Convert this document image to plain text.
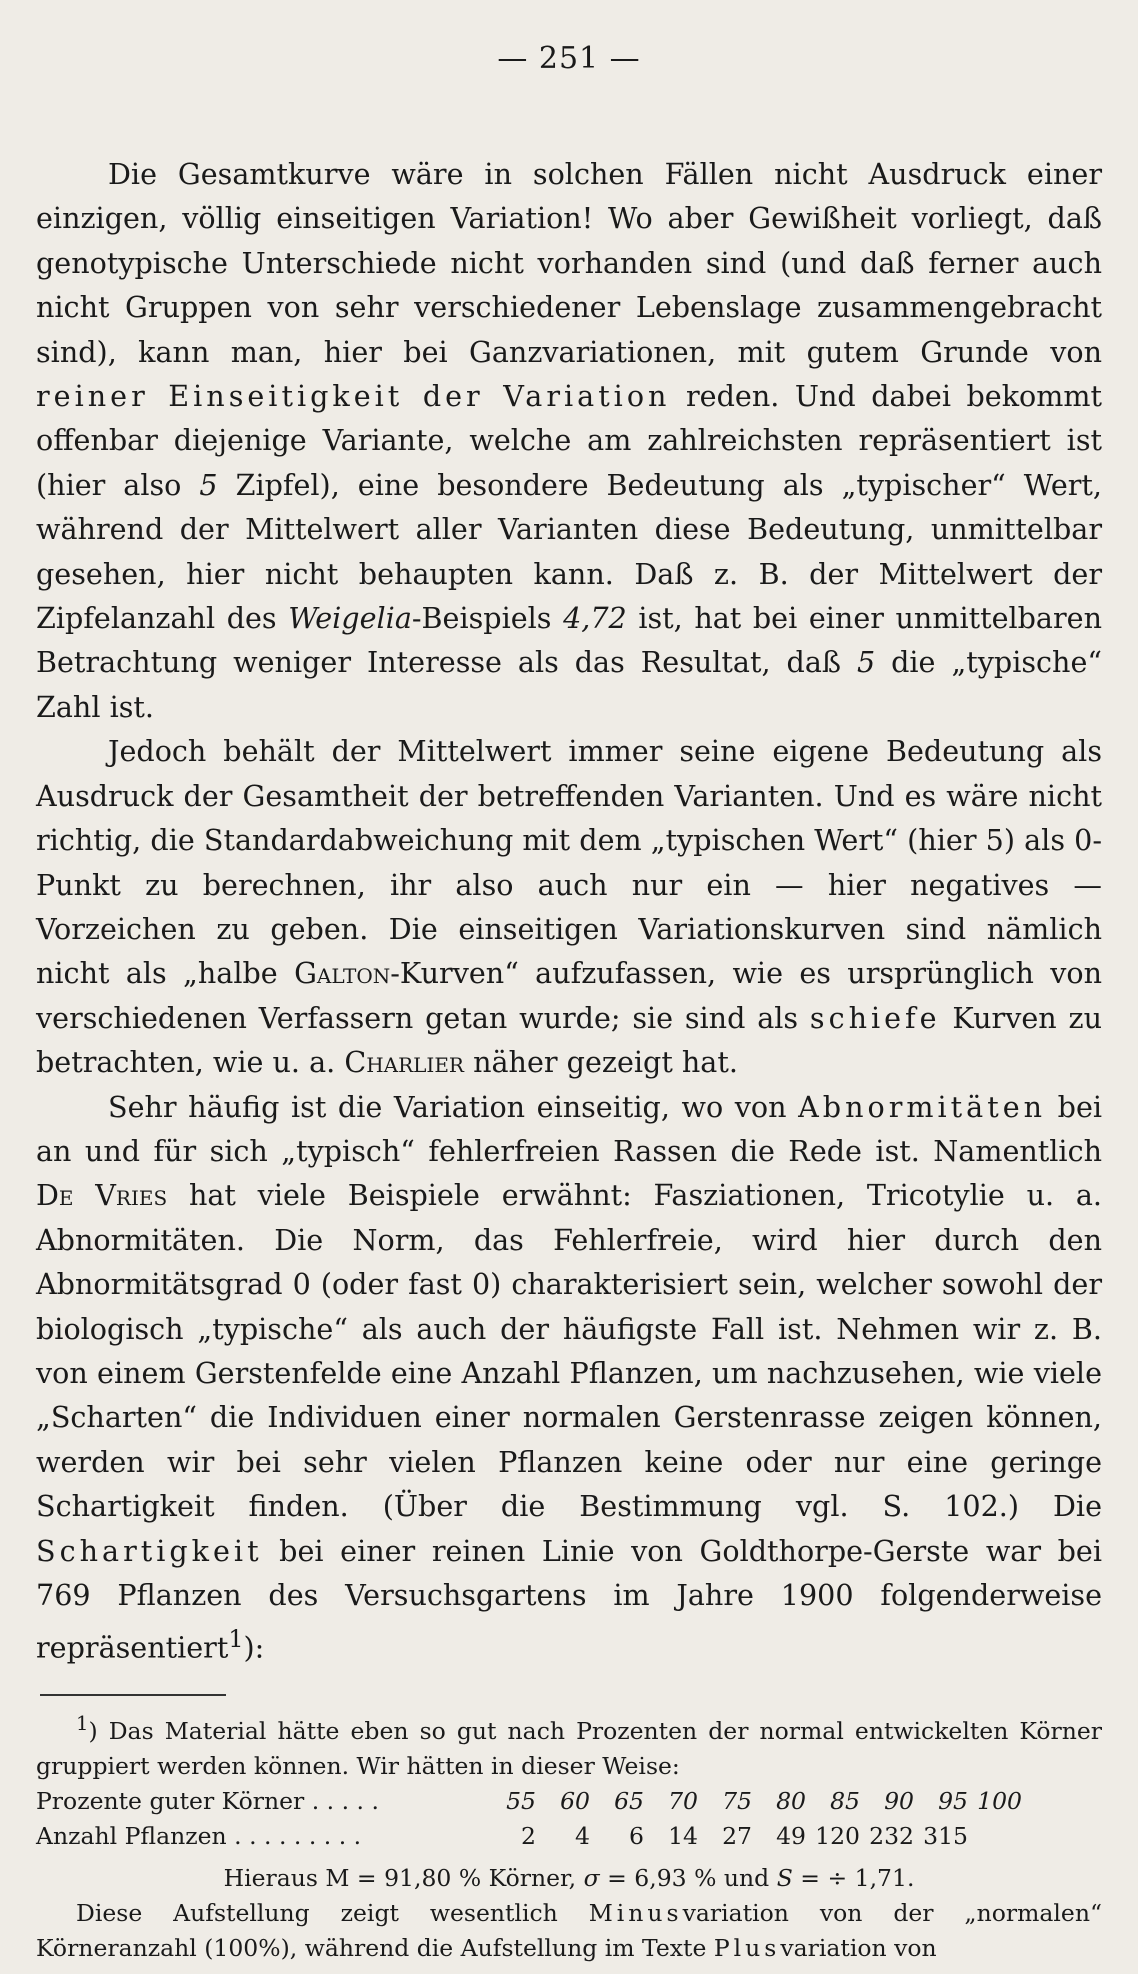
— 251 —

Die Gesamtkurve wäre in solchen Fällen nicht Ausdruck einer einzigen, völlig einseitigen Variation! Wo aber Gewißheit vorliegt, daß genotypische Unterschiede nicht vorhanden sind (und daß ferner auch nicht Gruppen von sehr verschiedener Lebenslage zusammengebracht sind), kann man, hier bei Ganzvariationen, mit gutem Grunde von reiner Einseitigkeit der Variation reden. Und dabei bekommt offenbar diejenige Variante, welche am zahlreichsten repräsentiert ist (hier also 5 Zipfel), eine besondere Bedeutung als „typischer“ Wert, während der Mittelwert aller Varianten diese Bedeutung, unmittelbar gesehen, hier nicht behaupten kann. Daß z. B. der Mittelwert der Zipfelanzahl des Weigelia-Beispiels 4,72 ist, hat bei einer unmittelbaren Betrachtung weniger Interesse als das Resultat, daß 5 die „typische“ Zahl ist.

Jedoch behält der Mittelwert immer seine eigene Bedeutung als Ausdruck der Gesamtheit der betreffenden Varianten. Und es wäre nicht richtig, die Standardabweichung mit dem „typischen Wert“ (hier 5) als 0-Punkt zu berechnen, ihr also auch nur ein — hier negatives — Vorzeichen zu geben. Die einseitigen Variationskurven sind nämlich nicht als „halbe Galton-Kurven“ aufzufassen, wie es ursprünglich von verschiedenen Verfassern getan wurde; sie sind als schiefe Kurven zu betrachten, wie u. a. Charlier näher gezeigt hat.

Sehr häufig ist die Variation einseitig, wo von Abnormitäten bei an und für sich „typisch“ fehlerfreien Rassen die Rede ist. Namentlich De Vries hat viele Beispiele erwähnt: Fasziationen, Tricotylie u. a. Abnormitäten. Die Norm, das Fehlerfreie, wird hier durch den Abnormitätsgrad 0 (oder fast 0) charakterisiert sein, welcher sowohl der biologisch „typische“ als auch der häufigste Fall ist. Nehmen wir z. B. von einem Gerstenfelde eine Anzahl Pflanzen, um nachzusehen, wie viele „Scharten“ die Individuen einer normalen Gerstenrasse zeigen können, werden wir bei sehr vielen Pflanzen keine oder nur eine geringe Schartigkeit finden. (Über die Bestimmung vgl. S. 102.) Die Schartigkeit bei einer reinen Linie von Goldthorpe-Gerste war bei 769 Pflanzen des Versuchsgartens im Jahre 1900 folgenderweise repräsentiert$^1$):

$^1$) Das Material hätte eben so gut nach Prozenten der normal entwickelten Körner gruppiert werden können. Wir hätten in dieser Weise:

Prozente guter Körner . . . . .	55	60	65	70	75	80	85	90	95	100
Anzahl Pflanzen . . . . . . . . .	2	4	6	14	27	49	120	232	315	
Hieraus M = 91,80 % Körner, σ = 6,93 % und S = ÷ 1,71.

Diese Aufstellung zeigt wesentlich Minusvariation von der „normalen“ Körneranzahl (100%), während die Aufstellung im Texte Plusvariation von
